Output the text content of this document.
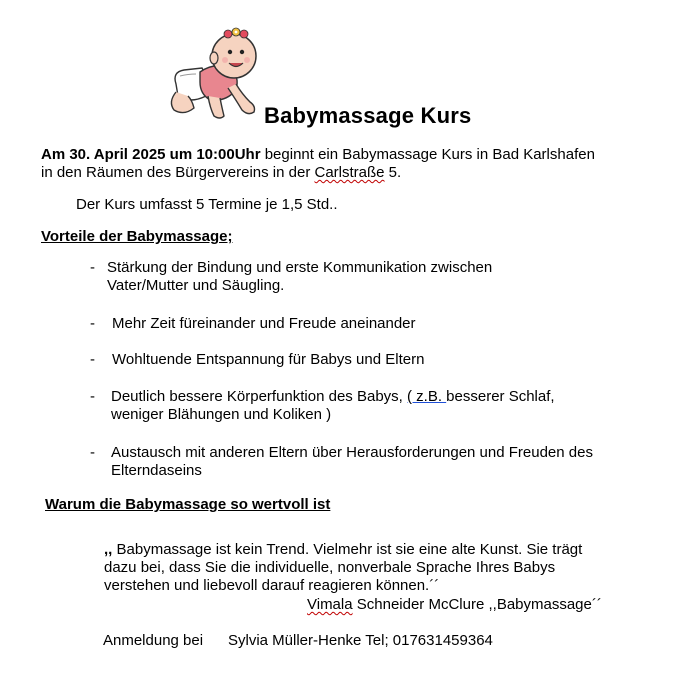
Babymassage Kurs
Am 30. April 2025 um 10:00Uhr beginnt ein Babymassage Kurs in Bad Karlshafen
in den Räumen des Bürgervereins in der Carlstraße 5.
Der Kurs umfasst 5 Termine je 1,5 Std..
Vorteile der Babymassage;
- Stärkung der Bindung und erste Kommunikation zwischen
Vater/Mutter und Säugling.
- Mehr Zeit füreinander und Freude aneinander
- Wohltuende Entspannung für Babys und Eltern
- Deutlich bessere Körperfunktion des Babys, ( z.B. besserer Schlaf,
weniger Blähungen und Koliken )
- Austausch mit anderen Eltern über Herausforderungen und Freuden des
Elterndaseins
Warum die Babymassage so wertvoll ist
,, Babymassage ist kein Trend. Vielmehr ist sie eine alte Kunst. Sie trägt
dazu bei, dass Sie die individuelle, nonverbale Sprache Ihres Babys
verstehen und liebevoll darauf reagieren können.´´
Vimala Schneider McClure ,,Babymassage´´
Anmeldung bei Sylvia Müller-Henke Tel; 017631459364
